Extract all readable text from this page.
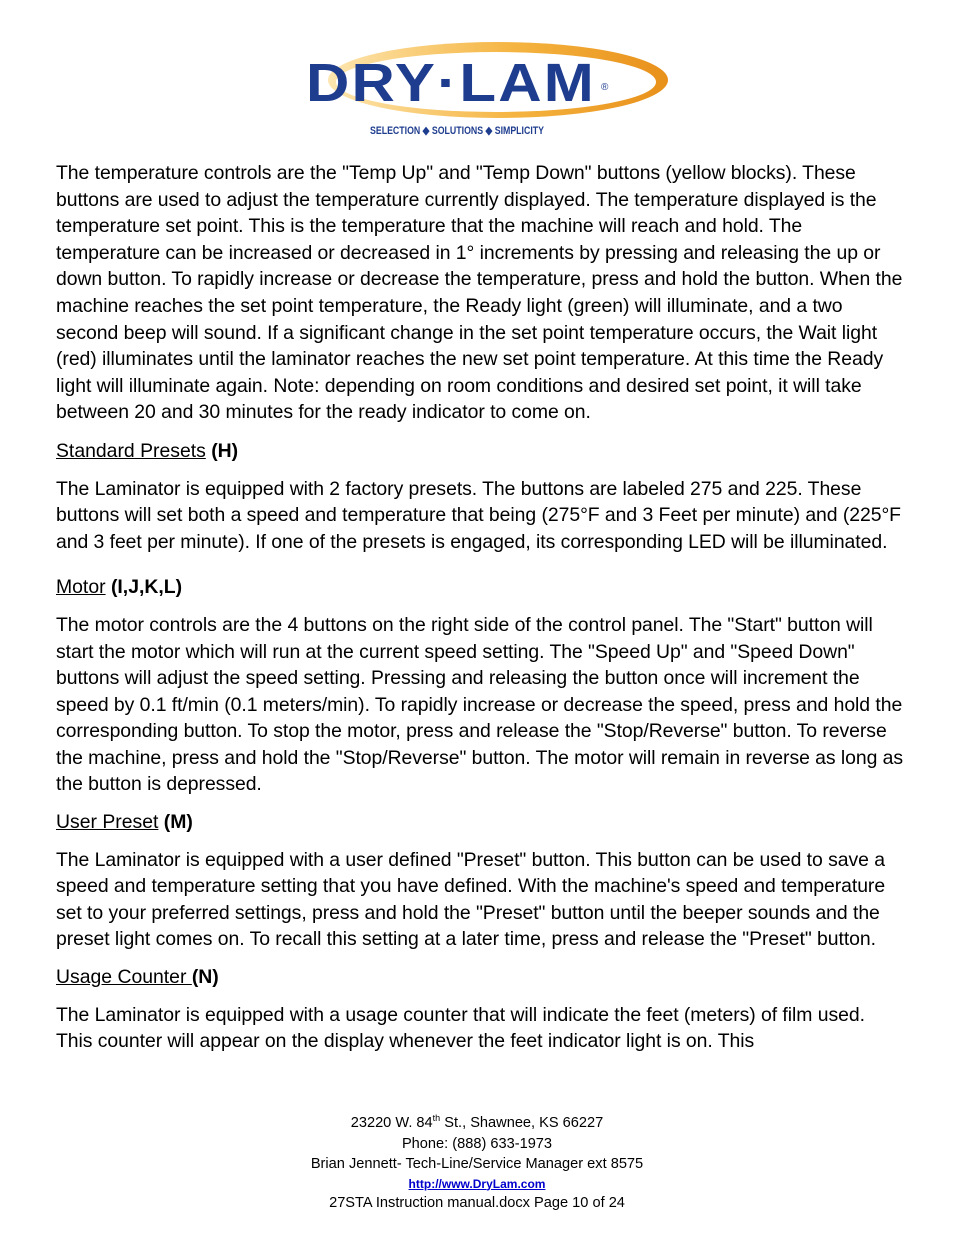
DRY ·LAM	®
SELECTION ◆ SOLUTIONS ◆ SIMPLICITY

The temperature controls are the "Temp Up" and "Temp Down" buttons (yellow blocks). These buttons are used to adjust the temperature currently displayed. The temperature displayed is the temperature set point. This is the temperature that the machine will reach and hold. The temperature can be increased or decreased in 1° increments by pressing and releasing the up or down button. To rapidly increase or decrease the temperature, press and hold the button. When the machine reaches the set point temperature, the Ready light (green) will illuminate, and a two second beep will sound. If a significant change in the set point temperature occurs, the Wait light (red) illuminates until the laminator reaches the new set point temperature. At this time the Ready light will illuminate again. Note: depending on room conditions and desired set point, it will take between 20 and 30 minutes for the ready indicator to come on.

Standard Presets (H)

The Laminator is equipped with 2 factory presets. The buttons are labeled 275 and 225. These buttons will set both a speed and temperature that being (275°F and 3 Feet per minute) and (225°F and 3 feet per minute). If one of the presets is engaged, its corresponding LED will be illuminated.

Motor (I,J,K,L)

The motor controls are the 4 buttons on the right side of the control panel. The "Start" button will start the motor which will run at the current speed setting. The "Speed Up" and "Speed Down" buttons will adjust the speed setting. Pressing and releasing the button once will increment the speed by 0.1 ft/min (0.1 meters/min). To rapidly increase or decrease the speed, press and hold the corresponding button. To stop the motor, press and release the "Stop/Reverse" button. To reverse the machine, press and hold the "Stop/Reverse" button. The motor will remain in reverse as long as the button is depressed.

User Preset (M)

The Laminator is equipped with a user defined "Preset" button. This button can be used to save a speed and temperature setting that you have defined. With the machine's speed and temperature set to your preferred settings, press and hold the "Preset" button until the beeper sounds and the preset light comes on. To recall this setting at a later time, press and release the "Preset" button.

Usage Counter (N)

The Laminator is equipped with a usage counter that will indicate the feet (meters) of film used. This counter will appear on the display whenever the feet indicator light is on. This

23220 W. 84th St., Shawnee, KS 66227
Phone: (888) 633-1973
Brian Jennett- Tech-Line/Service Manager ext 8575
http://www.DryLam.com
27STA Instruction manual.docx Page 10 of 24
